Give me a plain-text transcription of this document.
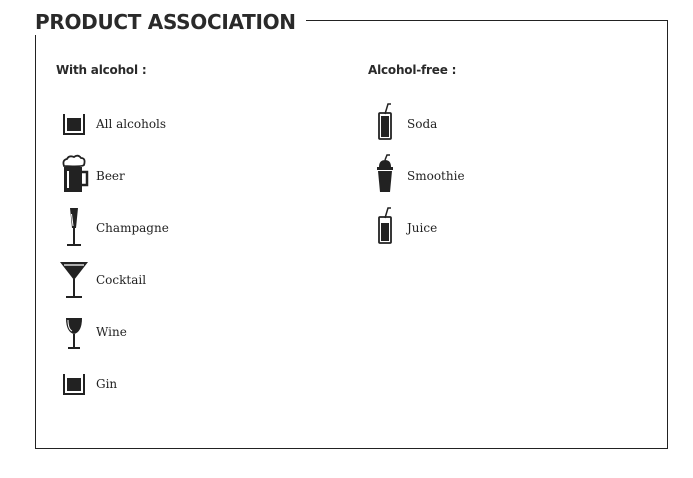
PRODUCT ASSOCIATION
With alcohol :
All alcohols
Beer
Champagne
Cocktail
Wine
Gin
Alcohol-free :
Soda
Smoothie
Juice
